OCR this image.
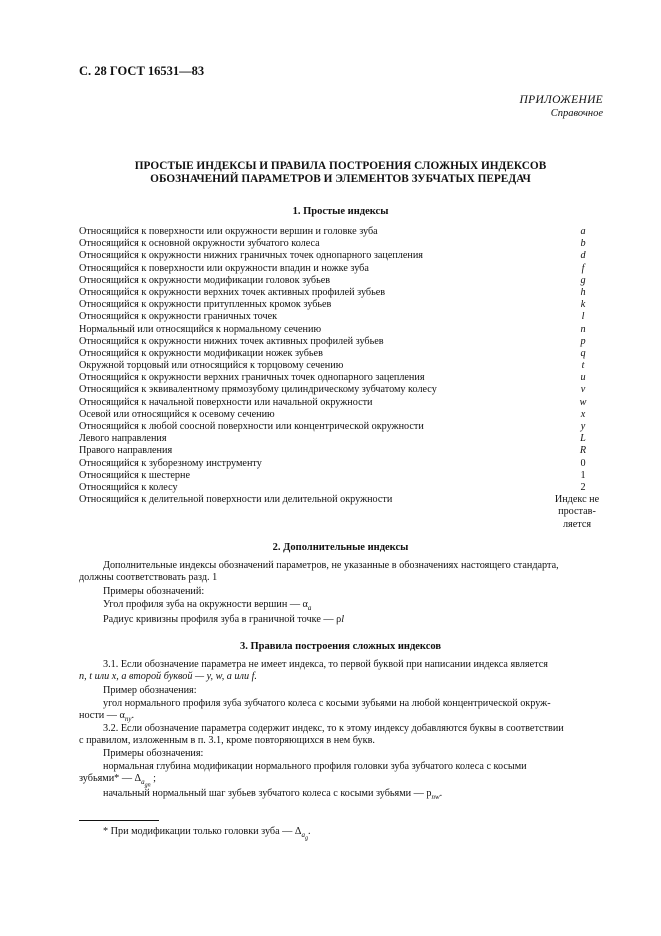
С. 28 ГОСТ 16531—83
ПРИЛОЖЕНИЕ
Справочное
ПРОСТЫЕ ИНДЕКСЫ И ПРАВИЛА ПОСТРОЕНИЯ СЛОЖНЫХ ИНДЕКСОВ
ОБОЗНАЧЕНИЙ ПАРАМЕТРОВ И ЭЛЕМЕНТОВ ЗУБЧАТЫХ ПЕРЕДАЧ
1. Простые индексы
Относящийся к поверхности или окружности вершин и головке зуба	a
Относящийся к основной окружности зубчатого колеса	b
Относящийся к окружности нижних граничных точек однопарного зацепления	d
Относящийся к поверхности или окружности впадин и ножке зуба	f
Относящийся к окружности модификации головок зубьев	g
Относящийся к окружности верхних точек активных профилей зубьев	h
Относящийся к окружности притупленных кромок зубьев	k
Относящийся к окружности граничных точек	l
Нормальный или относящийся к нормальному сечению	n
Относящийся к окружности нижних точек активных профилей зубьев	p
Относящийся к окружности модификации ножек зубьев	q
Окружной торцовый или относящийся к торцовому сечению	t
Относящийся к окружности верхних граничных точек однопарного зацепления	u
Относящийся к эквивалентному прямозубому цилиндрическому зубчатому колесу	v
Относящийся к начальной поверхности или начальной окружности	w
Осевой или относящийся к осевому сечению	x
Относящийся к любой соосной поверхности или концентрической окружности	y
Левого направления	L
Правого направления	R
Относящийся к зуборезному инструменту	0
Относящийся к шестерне	1
Относящийся к колесу	2
Относящийся к делительной поверхности или делительной окружности	Индекс не
простав-
ляется
2. Дополнительные индексы
Дополнительные индексы обозначений параметров, не указанные в обозначениях настоящего стандарта,
должны соответствовать разд. 1
Примеры обозначений:
Угол профиля зуба на окружности вершин — $\alpha_a$
Радиус кривизны профиля зуба в граничной точке — ρl
3. Правила построения сложных индексов
3.1. Если обозначение параметра не имеет индекса, то первой буквой при написании индекса является
n, t или x, а второй буквой — y, w, a или f.
Пример обозначения:
угол нормального профиля зуба зубчатого колеса с косыми зубьями на любой концентрической окруж-
ности — $\alpha_{ny}$.
3.2. Если обозначение параметра содержит индекс, то к этому индексу добавляются буквы в соответствии
с правилом, изложенным в п. 3.1, кроме повторяющихся в нем букв.
Примеры обозначения:
нормальная глубина модификации нормального профиля головки зуба зубчатого колеса с косыми
зубьями* — $\Delta_{a_{gn}}$ ;
начальный нормальный шаг зубьев зубчатого колеса с косыми зубьями — $p_{nw}$.
* При модификации только головки зуба — $\Delta_{a_g}$.
